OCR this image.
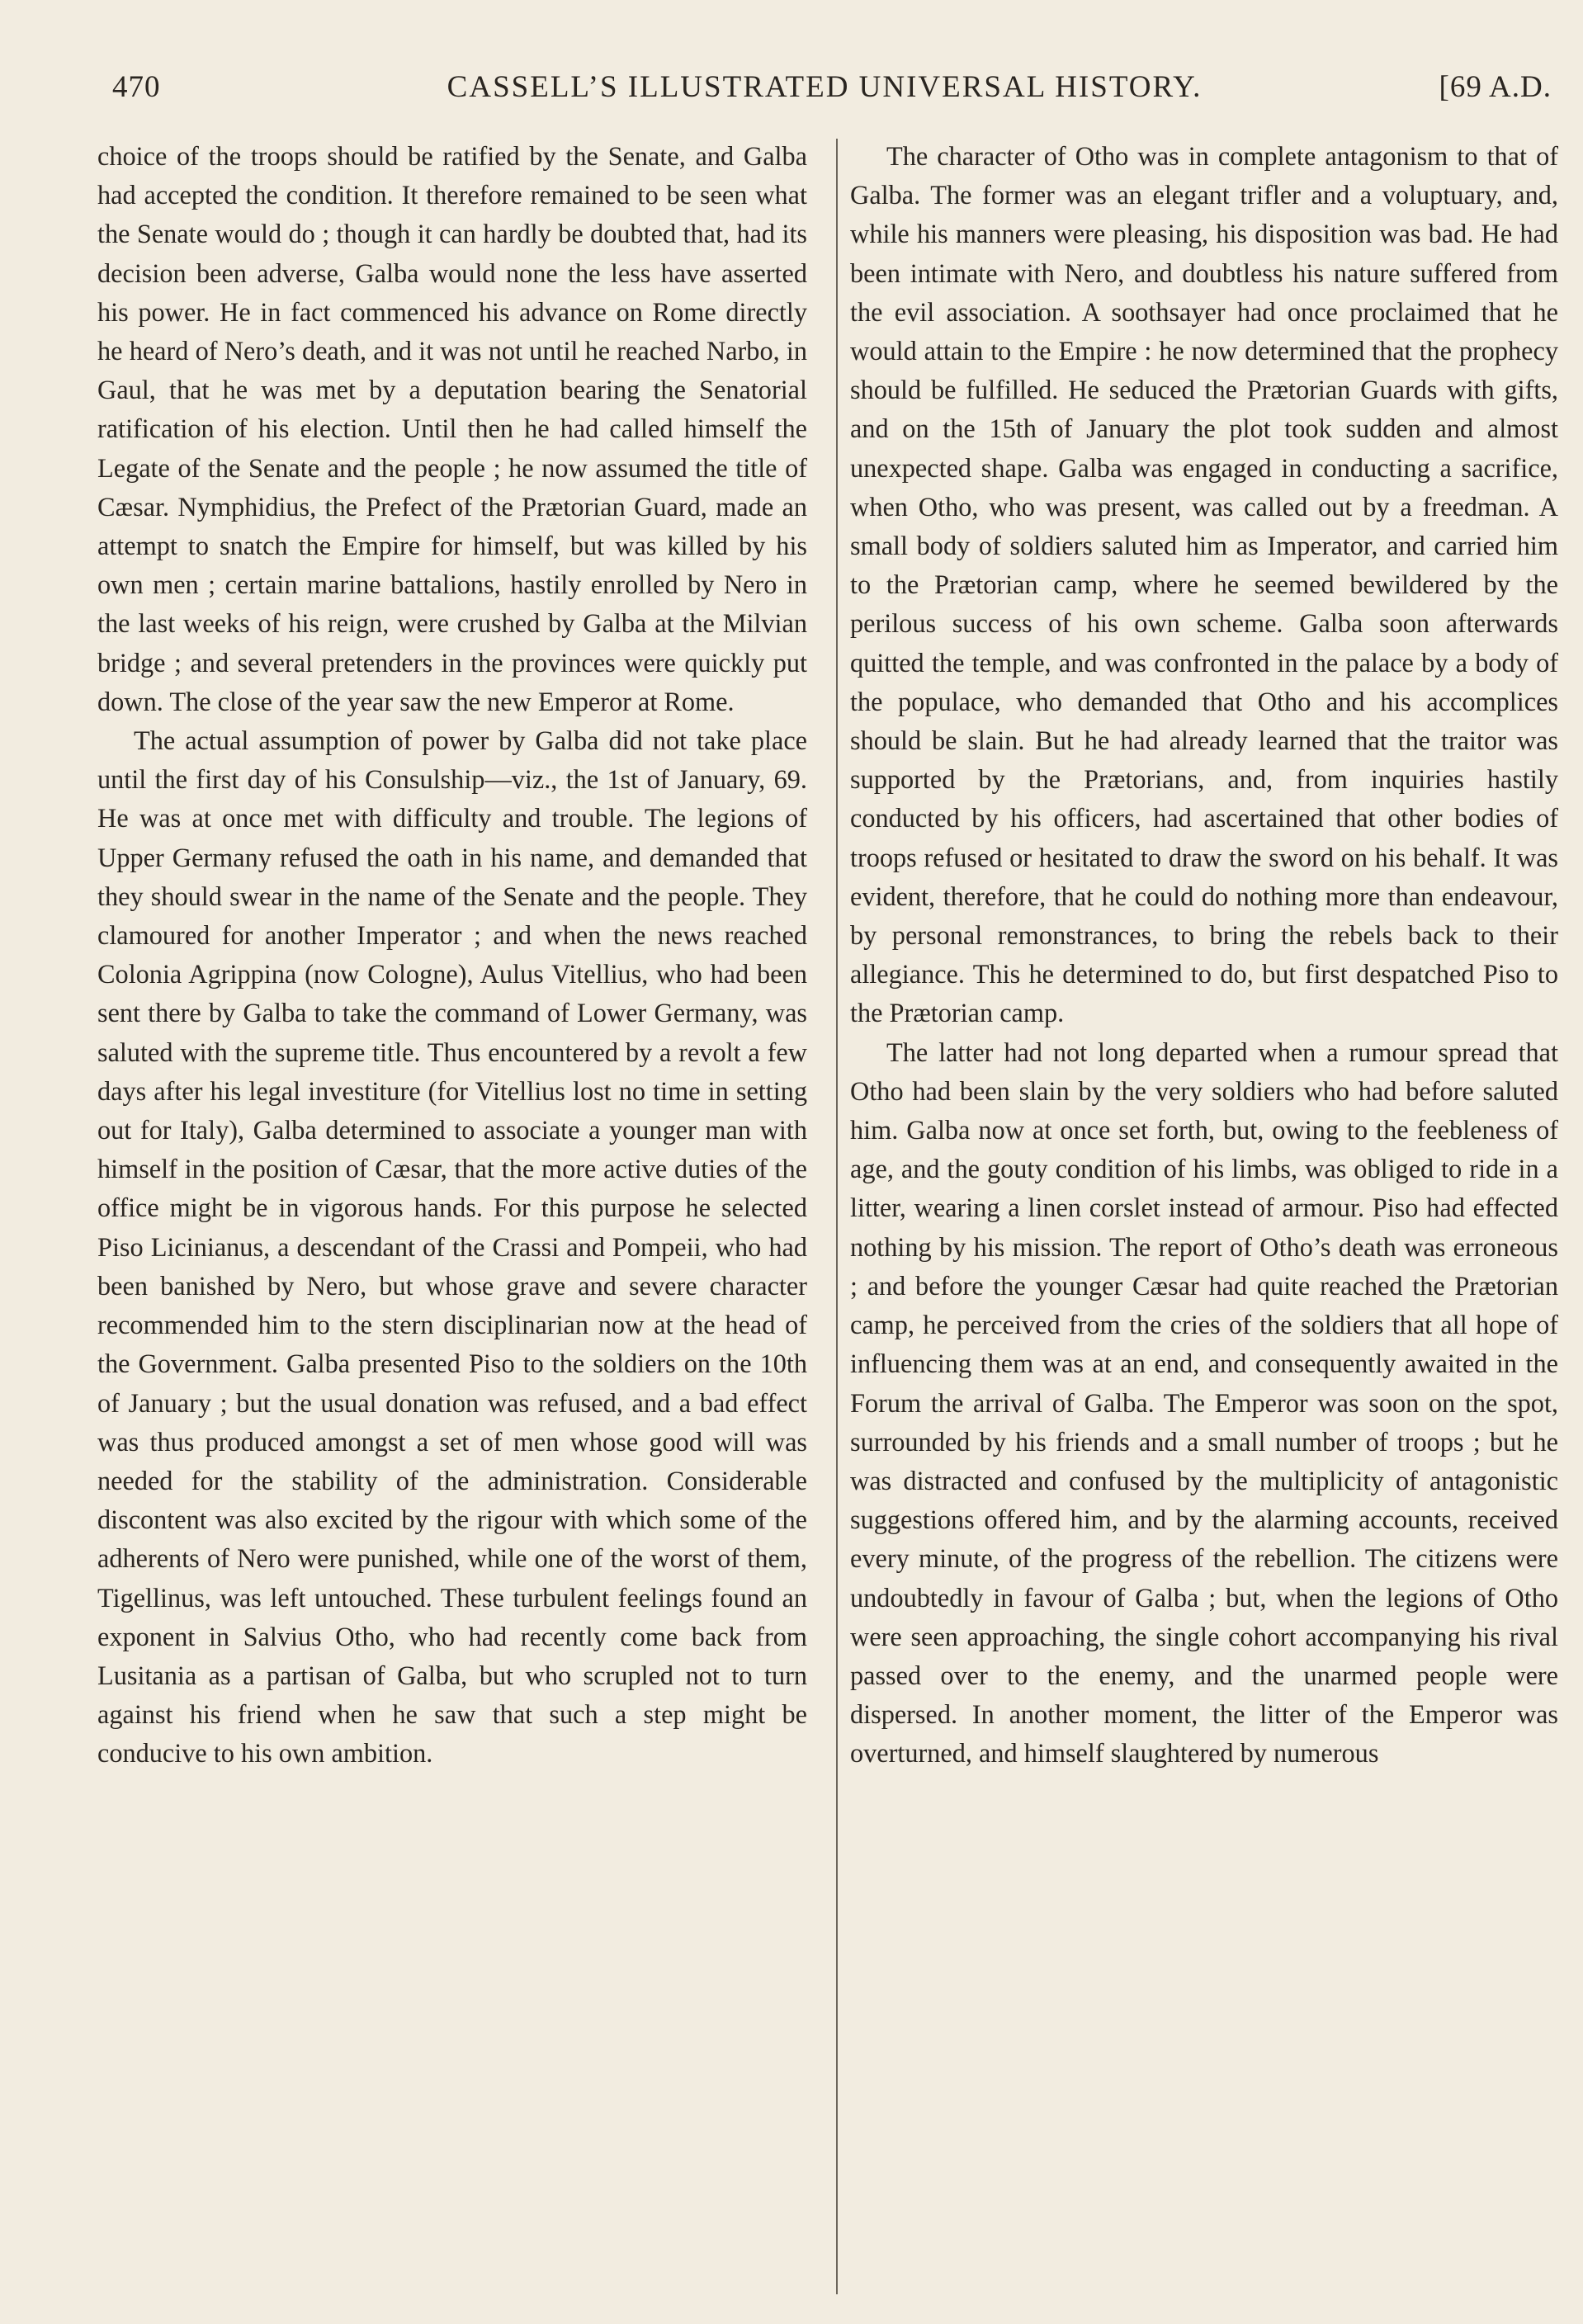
470	CASSELL’S ILLUSTRATED UNIVERSAL HISTORY.	[69 A.D.

choice of the troops should be ratified by the Senate, and Galba had accepted the condition. It therefore remained to be seen what the Senate would do ; though it can hardly be doubted that, had its decision been adverse, Galba would none the less have asserted his power. He in fact commenced his advance on Rome directly he heard of Nero’s death, and it was not until he reached Narbo, in Gaul, that he was met by a deputation bearing the Senatorial ratification of his election. Until then he had called himself the Legate of the Senate and the people ; he now assumed the title of Cæsar. Nymphidius, the Prefect of the Prætorian Guard, made an attempt to snatch the Empire for himself, but was killed by his own men ; certain marine battalions, hastily enrolled by Nero in the last weeks of his reign, were crushed by Galba at the Milvian bridge ; and several pretenders in the provinces were quickly put down. The close of the year saw the new Emperor at Rome.

The actual assumption of power by Galba did not take place until the first day of his Consulship—viz., the 1st of January, 69. He was at once met with difficulty and trouble. The legions of Upper Germany refused the oath in his name, and demanded that they should swear in the name of the Senate and the people. They clamoured for another Imperator ; and when the news reached Colonia Agrippina (now Cologne), Aulus Vitellius, who had been sent there by Galba to take the command of Lower Germany, was saluted with the supreme title. Thus encountered by a revolt a few days after his legal investiture (for Vitellius lost no time in setting out for Italy), Galba determined to associate a younger man with himself in the position of Cæsar, that the more active duties of the office might be in vigorous hands. For this purpose he selected Piso Licinianus, a descendant of the Crassi and Pompeii, who had been banished by Nero, but whose grave and severe character recommended him to the stern disciplinarian now at the head of the Government. Galba presented Piso to the soldiers on the 10th of January ; but the usual donation was refused, and a bad effect was thus produced amongst a set of men whose good will was needed for the stability of the administration. Considerable discontent was also excited by the rigour with which some of the adherents of Nero were punished, while one of the worst of them, Tigellinus, was left untouched. These turbulent feelings found an exponent in Salvius Otho, who had recently come back from Lusitania as a partisan of Galba, but who scrupled not to turn against his friend when he saw that such a step might be conducive to his own ambition.

The character of Otho was in complete antagonism to that of Galba. The former was an elegant trifler and a voluptuary, and, while his manners were pleasing, his disposition was bad. He had been intimate with Nero, and doubtless his nature suffered from the evil association. A soothsayer had once proclaimed that he would attain to the Empire : he now determined that the prophecy should be fulfilled. He seduced the Prætorian Guards with gifts, and on the 15th of January the plot took sudden and almost unexpected shape. Galba was engaged in conducting a sacrifice, when Otho, who was present, was called out by a freedman. A small body of soldiers saluted him as Imperator, and carried him to the Prætorian camp, where he seemed bewildered by the perilous success of his own scheme. Galba soon afterwards quitted the temple, and was confronted in the palace by a body of the populace, who demanded that Otho and his accomplices should be slain. But he had already learned that the traitor was supported by the Prætorians, and, from inquiries hastily conducted by his officers, had ascertained that other bodies of troops refused or hesitated to draw the sword on his behalf. It was evident, therefore, that he could do nothing more than endeavour, by personal remonstrances, to bring the rebels back to their allegiance. This he determined to do, but first despatched Piso to the Prætorian camp.

The latter had not long departed when a rumour spread that Otho had been slain by the very soldiers who had before saluted him. Galba now at once set forth, but, owing to the feebleness of age, and the gouty condition of his limbs, was obliged to ride in a litter, wearing a linen corslet instead of armour. Piso had effected nothing by his mission. The report of Otho’s death was erroneous ; and before the younger Cæsar had quite reached the Prætorian camp, he perceived from the cries of the soldiers that all hope of influencing them was at an end, and consequently awaited in the Forum the arrival of Galba. The Emperor was soon on the spot, surrounded by his friends and a small number of troops ; but he was distracted and confused by the multiplicity of antagonistic suggestions offered him, and by the alarming accounts, received every minute, of the progress of the rebellion. The citizens were undoubtedly in favour of Galba ; but, when the legions of Otho were seen approaching, the single cohort accompanying his rival passed over to the enemy, and the unarmed people were dispersed. In another moment, the litter of the Emperor was overturned, and himself slaughtered by numerous
